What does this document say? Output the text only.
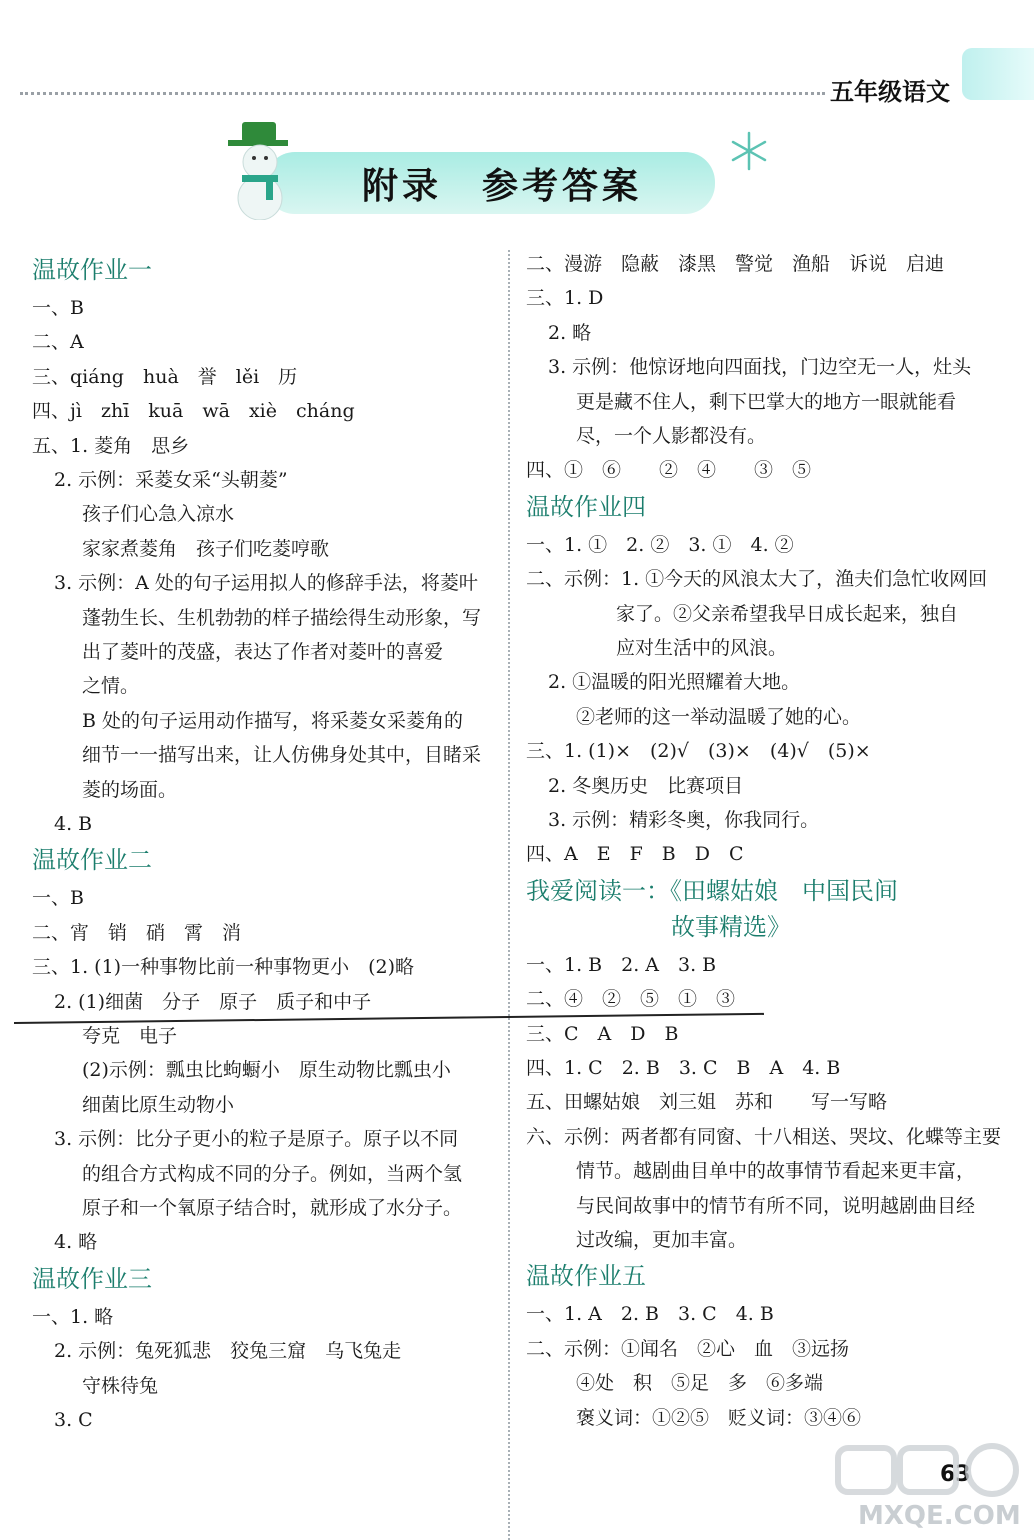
五年级语文
附录　参考答案
温故作业一
一、B
二、A
三、qiáng　huà　誉　lěi　历
四、jì　zhī　kuā　wā　xiè　cháng
五、1. 菱角　思乡
2. 示例：采菱女采“头朝菱”
孩子们心急入凉水
家家煮菱角　孩子们吃菱哼歌
3. 示例：A 处的句子运用拟人的修辞手法，将菱叶
蓬勃生长、生机勃勃的样子描绘得生动形象，写
出了菱叶的茂盛，表达了作者对菱叶的喜爱
之情。
B 处的句子运用动作描写，将采菱女采菱角的
细节一一描写出来，让人仿佛身处其中，目睹采
菱的场面。
4. B
温故作业二
一、B
二、宵　销　硝　霄　消
三、1. (1)一种事物比前一种事物更小　(2)略
2. (1)细菌　分子　原子　质子和中子
夸克　电子
(2)示例：瓢虫比蚼蟵小　原生动物比瓢虫小
细菌比原生动物小
3. 示例：比分子更小的粒子是原子。原子以不同
的组合方式构成不同的分子。例如，当两个氢
原子和一个氧原子结合时，就形成了水分子。
4. 略
温故作业三
一、1. 略
2. 示例：兔死狐悲　狡兔三窟　乌飞兔走
守株待兔
3. C
二、漫游　隐蔽　漆黑　警觉　渔船　诉说　启迪
三、1. D
2. 略
3. 示例：他惊讶地向四面找，门边空无一人，灶头
更是藏不住人，剩下巴掌大的地方一眼就能看
尽，一个人影都没有。
四、①　⑥　　②　④　　③　⑤
温故作业四
一、1. ①　2. ②　3. ①　4. ②
二、示例：1. ①今天的风浪太大了，渔夫们急忙收网回
家了。②父亲希望我早日成长起来，独自
应对生活中的风浪。
2. ①温暖的阳光照耀着大地。
②老师的这一举动温暖了她的心。
三、1. (1)×　(2)√　(3)×　(4)√　(5)×
2. 冬奥历史　比赛项目
3. 示例：精彩冬奥，你我同行。
四、A　E　F　B　D　C
我爱阅读一：《田螺姑娘　中国民间
故事精选》
一、1. B　2. A　3. B
二、④　②　⑤　①　③
三、C　A　D　B
四、1. C　2. B　3. C　B　A　4. B
五、田螺姑娘　刘三姐　苏和　　写一写略
六、示例：两者都有同窗、十八相送、哭坟、化蝶等主要
情节。越剧曲目单中的故事情节看起来更丰富，
与民间故事中的情节有所不同，说明越剧曲目经
过改编，更加丰富。
温故作业五
一、1. A　2. B　3. C　4. B
二、示例：①闻名　②心　血　③远扬
④处　积　⑤足　多　⑥多端
褒义词：①②⑤　贬义词：③④⑥
63
MXQE.COM
